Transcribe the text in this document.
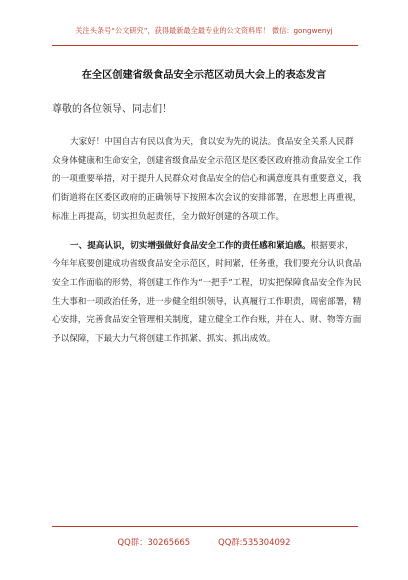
关注头条号“公文研究”，获得最新最全最专业的公文资料库！ 微信：gongwenyj
在全区创建省级食品安全示范区动员大会上的表态发言
尊敬的各位领导、同志们！

大家好！中国自古有民以食为天，食以安为先的说法。食品安全关系人民群众身体健康和生命安全，创建省级食品安全示范区是区委区政府推动食品安全工作的一项重要举措，对于提升人民群众对食品安全的信心和满意度具有重要意义，我们街道将在区委区政府的正确领导下按照本次会议的安排部署，在思想上再重视，标准上再提高，切实担负起责任，全力做好创建的各项工作。

一、提高认识，切实增强做好食品安全工作的责任感和紧迫感。根据要求，今年年底要创建成功省级食品安全示范区，时间紧，任务重，我们要充分认识食品安全工作面临的形势，将创建工作作为“一把手”工程，切实把保障食品安全作为民生大事和一项政治任务，进一步健全组织领导，认真履行工作职责，周密部署，精心安排，完善食品安全管理相关制度，建立健全工作台账，并在人、财、物等方面予以保障，下最大力气将创建工作抓紧、抓实、抓出成效。

QQ群：30265665	QQ群:535304092
